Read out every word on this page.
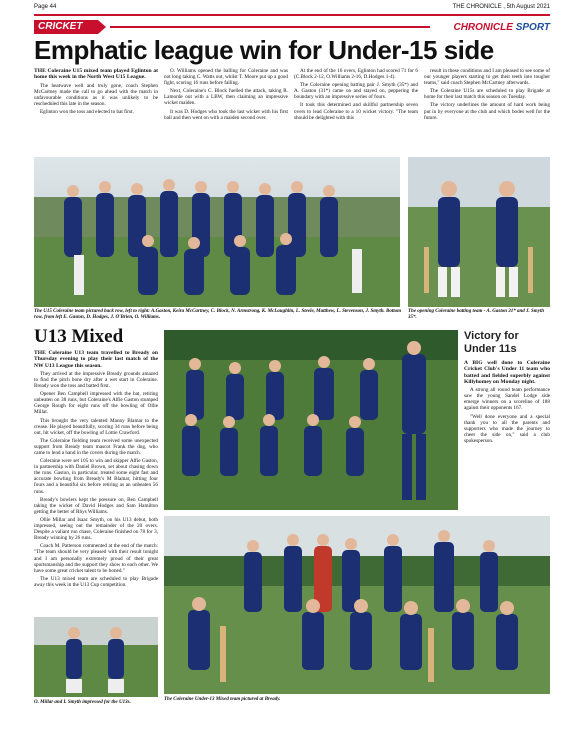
Page 44	THE CHRONICLE , 5th August 2021
CRICKET	CHRONICLE SPORT
Emphatic league win for Under-15 side

THE Coleraine U15 mixed team played Eglinton at home this week in the North West U15 League.

The heatwave well and truly gone, coach Stephen McCartney made the call to go ahead with the match in unfavourable conditions as it was unlikely to be rescheduled this late in the season.

Eglinton won the toss and elected to bat first.

O. Williams opened the balling for Coleraine and was not long taking C. Watts out, whilst T. Moore put up a good fight, scoring 16 runs before falling.

Next, Coleraine's C. Block fuelled the attack, taking R. Lamorde out with a LBW, then claiming an impressive wicket maiden.

It was D. Hodges who took the last wicket with his first ball and then went on with a maiden second over.

At the end of the 16 overs, Eglinton had scored 71 for 6 (C.Block 2-12, O.Williams 2-16, D.Hodges 1-4).

The Coleraine opening batting pair J. Smyth (35*) and A. Gaston (31*) came on and stayed on, peppering the boundary with an impressive series of fours.

It took this determined and skillful partnership seven overs to lead Coleraine to a 10 wicket victory. "The team should be delighted with this

result in these conditions and I am pleased to see some of our younger players starting to get their teeth into tougher teams," said coach Stephen McCartney afterwards.

The Coleraine U15s are scheduled to play Brigade at home for their last match this season on Tuesday.

The victory underlines the amount of hard work being put in by everyone at the club and which bodes well for the future.

The U15 Coleraine team pictured back row, left to right: A.Gaston, Keira McCartney, C. Block, N. Armstrong, K. McLaughlin, L. Steele, Matthew, L. Stevenson, J. Smyth. Bottom row, from left E. Gaston, D. Hodges, J. O'Brien, O. Williams.
The opening Coleraine batting team - A. Gaston 31* and J. Smyth 35*.
U13 Mixed

THE Coleraine U13 team travelled to Bready on Thursday evening to play their last match of the NW U13 League this season.

They arrived at the impressive Bready grounds amazed to find the pitch bone dry after a wet start in Coleraine. Bready won the toss and batted first.

Opener Ben Campbell impressed with the bat, retiring unbeaten on 38 runs, but Coleraine's Alfie Gaston stumped George Rough for eight runs off the bowling of Ollie Millar.

This brought the very talented Manny Blamar to the crease. He played beautifully, scoring 34 runs before being out, hit wicket, off the bowling of Lottie Crawford.

The Coleraine fielding team received some unexpected support from Bready team mascot Frank the dog, who came to lend a hand in the covers during the match.

Coleraine were set 105 to win and skipper Alfie Gaston, in partnership with Daniel Brown, set about chasing down the runs. Gaston, in particular, treated some eight fast and accurate bowling from Bready's M Blamar, hitting four fours and a beautiful six before retiring as an unbeaten 56 runs.

Bready's bowlers kept the pressure on, Ben Campbell taking the wicket of David Hodges and Sam Hamilton getting the better of Rhys Williams.

Ollie Millar and Isaac Smyth, on his U13 debut, both impressed, seeing out the remainder of the 20 overs. Despite a valiant run chase, Coleraine finished on 78 for 3, Bready winning by 26 runs.

Coach M. Patterson commented at the end of the match: "The team should be very pleased with their result tonight and I am personally extremely proud of their great sportsmanship and the support they show to each other. We have some great cricket talent to be honed."

The U13 mixed team are scheduled to play Brigade away this week in the U13 Cup competition.

O. Millar and I. Smyth impressed for the U13s.
Victory for
Under 11s

A BIG well done to Coleraine Cricket Club's Under 11 team who batted and fielded superbly against Killyhomey on Monday night.

A strong all round team performance saw the young Sandel Lodge side emerge winners on a scoreline of 188 against their opponents 167.

"Well done everyone and a special thank you to all the parents and supporters who made the journey to cheer the side on," said a club spokesperson.

The Coleraine Under-13 Mixed team pictured at Bready.
